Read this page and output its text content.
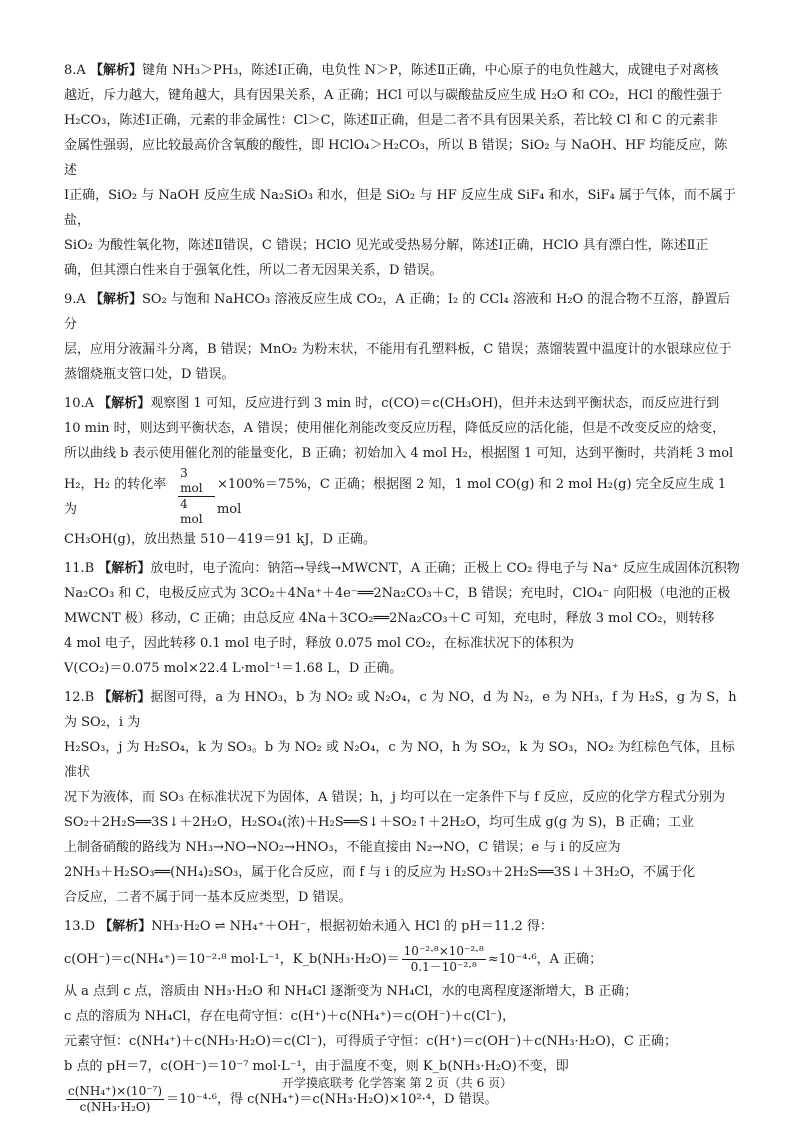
8.A 【解析】键角 NH₃＞PH₃，陈述Ⅰ正确，电负性 N＞P，陈述Ⅱ正确，中心原子的电负性越大，成键电子对离核

越近，斥力越大，键角越大，具有因果关系，A 正确；HCl 可以与碳酸盐反应生成 H₂O 和 CO₂，HCl 的酸性强于

H₂CO₃，陈述Ⅰ正确，元素的非金属性：Cl＞C，陈述Ⅱ正确，但是二者不具有因果关系，若比较 Cl 和 C 的元素非

金属性强弱，应比较最高价含氧酸的酸性，即 HClO₄＞H₂CO₃，所以 B 错误；SiO₂ 与 NaOH、HF 均能反应，陈述

Ⅰ正确，SiO₂ 与 NaOH 反应生成 Na₂SiO₃ 和水，但是 SiO₂ 与 HF 反应生成 SiF₄ 和水，SiF₄ 属于气体，而不属于盐，

SiO₂ 为酸性氧化物，陈述Ⅱ错误，C 错误；HClO 见光或受热易分解，陈述Ⅰ正确，HClO 具有漂白性，陈述Ⅱ正

确，但其漂白性来自于强氧化性，所以二者无因果关系，D 错误。

9.A 【解析】SO₂ 与饱和 NaHCO₃ 溶液反应生成 CO₂，A 正确；I₂ 的 CCl₄ 溶液和 H₂O 的混合物不互溶，静置后分

层，应用分液漏斗分离，B 错误；MnO₂ 为粉末状，不能用有孔塑料板，C 错误；蒸馏装置中温度计的水银球应位于

蒸馏烧瓶支管口处，D 错误。

10.A 【解析】观察图 1 可知，反应进行到 3 min 时，c(CO)＝c(CH₃OH)，但并未达到平衡状态，而反应进行到

10 min 时，则达到平衡状态，A 错误；使用催化剂能改变反应历程，降低反应的活化能，但是不改变反应的焓变，

所以曲线 b 表示使用催化剂的能量变化，B 正确；初始加入 4 mol H₂，根据图 1 可知，达到平衡时，共消耗 3 mol

H₂，H₂ 的转化率为	$\frac{\text{3 mol}}{\text{4 mol}} \times 100\%=75\%$，C 正确；根据图 2 知，1 mol CO(g) 和 2 mol H₂(g) 完全反应生成 1 mol

CH₃OH(g)，放出热量 510－419＝91 kJ，D 正确。

11.B 【解析】放电时，电子流向：钠箔→导线→MWCNT，A 正确；正极上 CO₂ 得电子与 Na⁺ 反应生成固体沉积物

Na₂CO₃ 和 C，电极反应式为 3CO₂＋4Na⁺＋4e⁻══2Na₂CO₃＋C，B 错误；充电时，ClO₄⁻ 向阳极（电池的正极

MWCNT 极）移动，C 正确；由总反应 4Na＋3CO₂══2Na₂CO₃＋C 可知，充电时，释放 3 mol CO₂，则转移

4 mol 电子，因此转移 0.1 mol 电子时，释放 0.075 mol CO₂，在标准状况下的体积为

V(CO₂)＝0.075 mol×22.4 L·mol⁻¹＝1.68 L，D 正确。

12.B 【解析】据图可得，a 为 HNO₃，b 为 NO₂ 或 N₂O₄，c 为 NO，d 为 N₂，e 为 NH₃，f 为 H₂S，g 为 S，h 为 SO₂，i 为

H₂SO₃，j 为 H₂SO₄，k 为 SO₃。b 为 NO₂ 或 N₂O₄，c 为 NO，h 为 SO₂，k 为 SO₃，NO₂ 为红棕色气体，且标准状

况下为液体，而 SO₃ 在标准状况下为固体，A 错误；h，j 均可以在一定条件下与 f 反应，反应的化学方程式分别为

SO₂＋2H₂S══3S↓＋2H₂O，H₂SO₄(浓)＋H₂S══S↓＋SO₂↑＋2H₂O，均可生成 g(g 为 S)，B 正确；工业

上制备硝酸的路线为 NH₃→NO→NO₂→HNO₃，不能直接由 N₂→NO，C 错误；e 与 i 的反应为

2NH₃＋H₂SO₃══(NH₄)₂SO₃，属于化合反应，而 f 与 i 的反应为 H₂SO₃＋2H₂S══3S↓＋3H₂O，不属于化

合反应，二者不属于同一基本反应类型，D 错误。

13.D 【解析】NH₃·H₂O ⇌ NH₄⁺＋OH⁻，根据初始未通入 HCl 的 pH＝11.2 得：

c(OH⁻)＝c(NH₄⁺)＝10⁻²·⁸ mol·L⁻¹，K_b(NH₃·H₂O)＝ $\frac{\text{10⁻²·⁸×10⁻²·⁸}}{\text{0.1－10⁻²·⁸}} \approx 10^{-4}\cdot^6$，A 正确；

从 a 点到 c 点，溶质由 NH₃·H₂O 和 NH₄Cl 逐渐变为 NH₄Cl，水的电离程度逐渐增大，B 正确；

c 点的溶质为 NH₄Cl，存在电荷守恒：c(H⁺)＋c(NH₄⁺)＝c(OH⁻)＋c(Cl⁻)，

元素守恒：c(NH₄⁺)＋c(NH₃·H₂O)＝c(Cl⁻)，可得质子守恒：c(H⁺)＝c(OH⁻)＋c(NH₃·H₂O)，C 正确；

b 点的 pH＝7，c(OH⁻)＝10⁻⁷ mol·L⁻¹，由于温度不变，则 K_b(NH₃·H₂O)不变，即

$\frac{\text{c(NH₄⁺)×(10⁻⁷)}}{\text{c(NH₃·H₂O)}} =10^{-4}\cdot^6$，得 c(NH₄⁺)＝c(NH₃·H₂O)×10²·⁴，D 错误。

开学摸底联考 化学答案 第 2 页（共 6 页）
